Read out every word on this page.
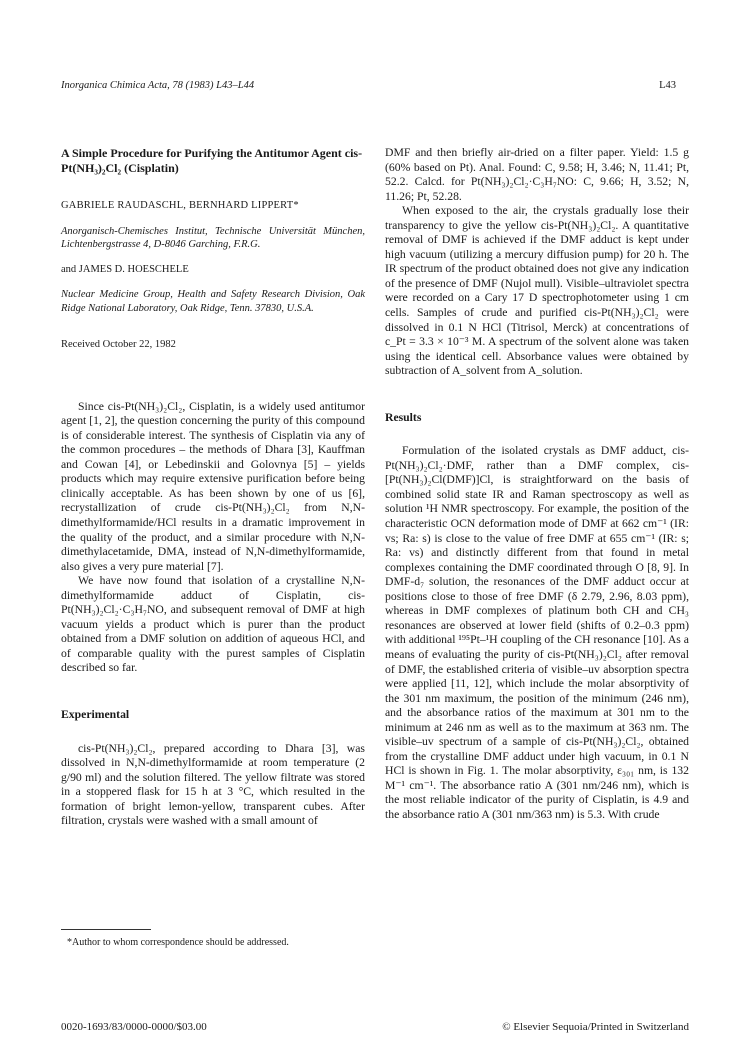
Inorganica Chimica Acta, 78 (1983) L43–L44	L43

A Simple Procedure for Purifying the Antitumor Agent cis-Pt(NH₃)₂Cl₂ (Cisplatin)

GABRIELE RAUDASCHL, BERNHARD LIPPERT*

Anorganisch-Chemisches Institut, Technische Universität München, Lichtenbergstrasse 4, D-8046 Garching, F.R.G.

and JAMES D. HOESCHELE

Nuclear Medicine Group, Health and Safety Research Division, Oak Ridge National Laboratory, Oak Ridge, Tenn. 37830, U.S.A.

Received October 22, 1982

Since cis-Pt(NH₃)₂Cl₂, Cisplatin, is a widely used antitumor agent [1, 2], the question concerning the purity of this compound is of considerable interest. The synthesis of Cisplatin via any of the common procedures – the methods of Dhara [3], Kauffman and Cowan [4], or Lebedinskii and Golovnya [5] – yields products which may require extensive purification before being clinically acceptable. As has been shown by one of us [6], recrystallization of crude cis-Pt(NH₃)₂Cl₂ from N,N-dimethylformamide/HCl results in a dramatic improvement in the quality of the product, and a similar procedure with N,N-dimethylacetamide, DMA, instead of N,N-dimethylformamide, also gives a very pure material [7].

We have now found that isolation of a crystalline N,N-dimethylformamide adduct of Cisplatin, cis-Pt(NH₃)₂Cl₂·C₃H₇NO, and subsequent removal of DMF at high vacuum yields a product which is purer than the product obtained from a DMF solution on addition of aqueous HCl, and of comparable quality with the purest samples of Cisplatin described so far.

Experimental

cis-Pt(NH₃)₂Cl₂, prepared according to Dhara [3], was dissolved in N,N-dimethylformamide at room temperature (2 g/90 ml) and the solution filtered. The yellow filtrate was stored in a stoppered flask for 15 h at 3 °C, which resulted in the formation of bright lemon-yellow, transparent cubes. After filtration, crystals were washed with a small amount of

DMF and then briefly air-dried on a filter paper. Yield: 1.5 g (60% based on Pt). Anal. Found: C, 9.58; H, 3.46; N, 11.41; Pt, 52.2. Calcd. for Pt(NH₃)₂Cl₂·C₃H₇NO: C, 9.66; H, 3.52; N, 11.26; Pt, 52.28.

When exposed to the air, the crystals gradually lose their transparency to give the yellow cis-Pt(NH₃)₂Cl₂. A quantitative removal of DMF is achieved if the DMF adduct is kept under high vacuum (utilizing a mercury diffusion pump) for 20 h. The IR spectrum of the product obtained does not give any indication of the presence of DMF (Nujol mull). Visible–ultraviolet spectra were recorded on a Cary 17 D spectrophotometer using 1 cm cells. Samples of crude and purified cis-Pt(NH₃)₂Cl₂ were dissolved in 0.1 N HCl (Titrisol, Merck) at concentrations of c_Pt = 3.3 × 10⁻³ M. A spectrum of the solvent alone was taken using the identical cell. Absorbance values were obtained by subtraction of A_solvent from A_solution.

Results

Formulation of the isolated crystals as DMF adduct, cis-Pt(NH₃)₂Cl₂·DMF, rather than a DMF complex, cis-[Pt(NH₃)₂Cl(DMF)]Cl, is straightforward on the basis of combined solid state IR and Raman spectroscopy as well as solution ¹H NMR spectroscopy. For example, the position of the characteristic OCN deformation mode of DMF at 662 cm⁻¹ (IR: vs; Ra: s) is close to the value of free DMF at 655 cm⁻¹ (IR: s; Ra: vs) and distinctly different from that found in metal complexes containing the DMF coordinated through O [8, 9]. In DMF-d₇ solution, the resonances of the DMF adduct occur at positions close to those of free DMF (δ 2.79, 2.96, 8.03 ppm), whereas in DMF complexes of platinum both CH and CH₃ resonances are observed at lower field (shifts of 0.2–0.3 ppm) with additional ¹⁹⁵Pt–¹H coupling of the CH resonance [10]. As a means of evaluating the purity of cis-Pt(NH₃)₂Cl₂ after removal of DMF, the established criteria of visible–uv absorption spectra were applied [11, 12], which include the molar absorptivity of the 301 nm maximum, the position of the minimum (246 nm), and the absorbance ratios of the maximum at 301 nm to the minimum at 246 nm as well as to the maximum at 363 nm. The visible–uv spectrum of a sample of cis-Pt(NH₃)₂Cl₂, obtained from the crystalline DMF adduct under high vacuum, in 0.1 N HCl is shown in Fig. 1. The molar absorptivity, ε₃₀₁ nm, is 132 M⁻¹ cm⁻¹. The absorbance ratio A (301 nm/246 nm), which is the most reliable indicator of the purity of Cisplatin, is 4.9 and the absorbance ratio A (301 nm/363 nm) is 5.3. With crude

*Author to whom correspondence should be addressed.
0020-1693/83/0000-0000/$03.00	© Elsevier Sequoia/Printed in Switzerland
